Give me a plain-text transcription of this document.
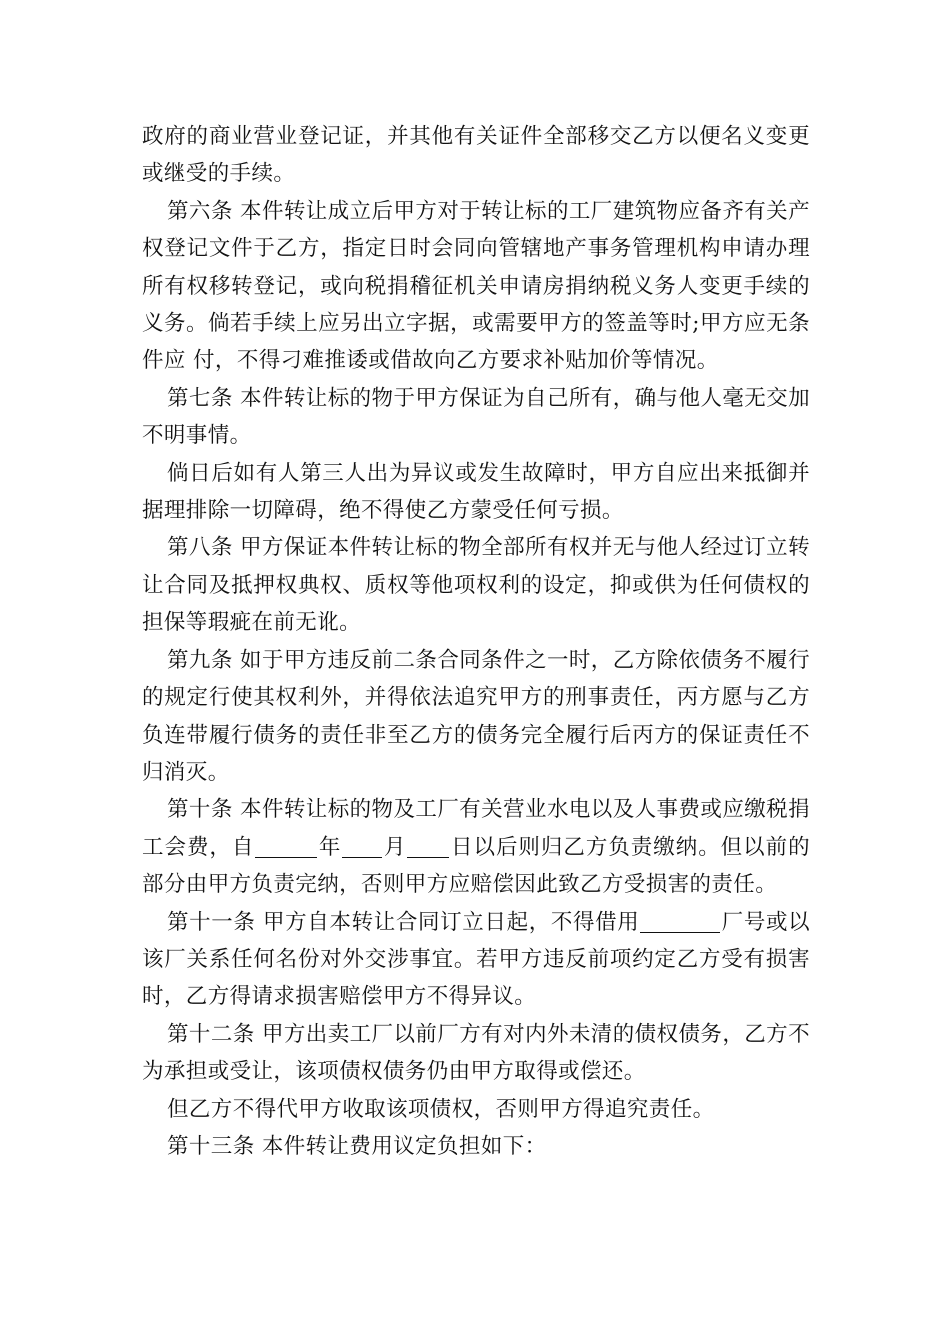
政府的商业营业登记证，并其他有关证件全部移交乙方以便名义变更或继受的手续。

第六条 本件转让成立后甲方对于转让标的工厂建筑物应备齐有关产权登记文件于乙方，指定日时会同向管辖地产事务管理机构申请办理所有权移转登记，或向税捐稽征机关申请房捐纳税义务人变更手续的义务。倘若手续上应另出立字据，或需要甲方的签盖等时;甲方应无条件应 付，不得刁难推诿或借故向乙方要求补贴加价等情况。

第七条 本件转让标的物于甲方保证为自己所有，确与他人毫无交加不明事情。

倘日后如有人第三人出为异议或发生故障时，甲方自应出来抵御并据理排除一切障碍，绝不得使乙方蒙受任何亏损。

第八条 甲方保证本件转让标的物全部所有权并无与他人经过订立转让合同及抵押权典权、质权等他项权利的设定，抑或供为任何债权的担保等瑕疵在前无讹。

第九条 如于甲方违反前二条合同条件之一时，乙方除依债务不履行的规定行使其权利外，并得依法追究甲方的刑事责任，丙方愿与乙方负连带履行债务的责任非至乙方的债务完全履行后丙方的保证责任不归消灭。

第十条 本件转让标的物及工厂有关营业水电以及人事费或应缴税捐工会费，自	年 月 日以后则归乙方负责缴纳。但以前的部分由甲方负责完纳，否则甲方应赔偿因此致乙方受损害的责任。

第十一条 甲方自本转让合同订立日起，不得借用	厂号或以该厂关系任何名份对外交涉事宜。若甲方违反前项约定乙方受有损害时，乙方得请求损害赔偿甲方不得异议。

第十二条 甲方出卖工厂以前厂方有对内外未清的债权债务，乙方不为承担或受让，该项债权债务仍由甲方取得或偿还。

但乙方不得代甲方收取该项债权，否则甲方得追究责任。

第十三条 本件转让费用议定负担如下：
